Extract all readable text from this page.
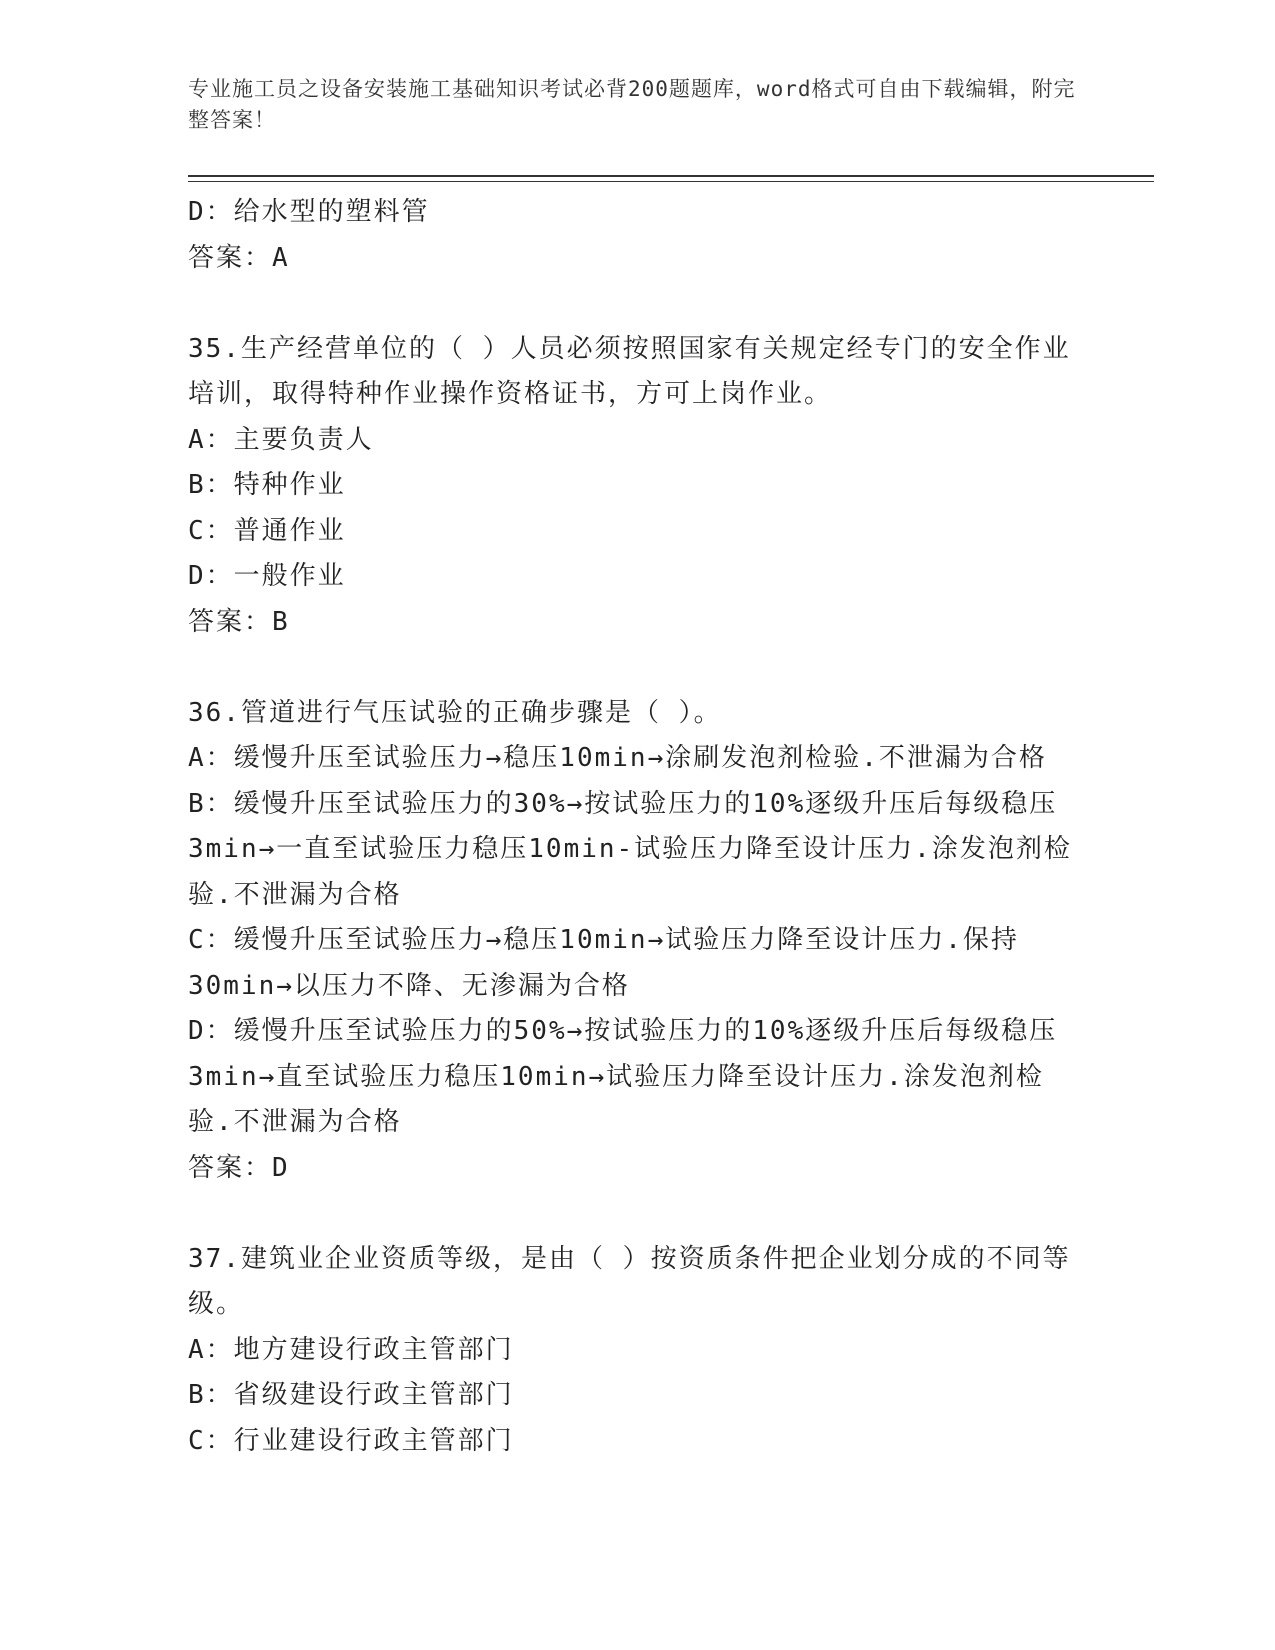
专业施工员之设备安装施工基础知识考试必背200题题库，word格式可自由下载编辑，附完整答案！
D：给水型的塑料管
答案：A
35.生产经营单位的（ ）人员必须按照国家有关规定经专门的安全作业培训，取得特种作业操作资格证书，方可上岗作业。
A：主要负责人
B：特种作业
C：普通作业
D：一般作业
答案：B
36.管道进行气压试验的正确步骤是（ ）。
A：缓慢升压至试验压力→稳压10min→涂刷发泡剂检验.不泄漏为合格
B：缓慢升压至试验压力的30%→按试验压力的10%逐级升压后每级稳压3min→一直至试验压力稳压10min-试验压力降至设计压力.涂发泡剂检验.不泄漏为合格
C：缓慢升压至试验压力→稳压10min→试验压力降至设计压力.保持30min→以压力不降、无渗漏为合格
D：缓慢升压至试验压力的50%→按试验压力的10%逐级升压后每级稳压3min→直至试验压力稳压10min→试验压力降至设计压力.涂发泡剂检验.不泄漏为合格
答案：D
37.建筑业企业资质等级，是由（ ）按资质条件把企业划分成的不同等级。
A：地方建设行政主管部门
B：省级建设行政主管部门
C：行业建设行政主管部门
